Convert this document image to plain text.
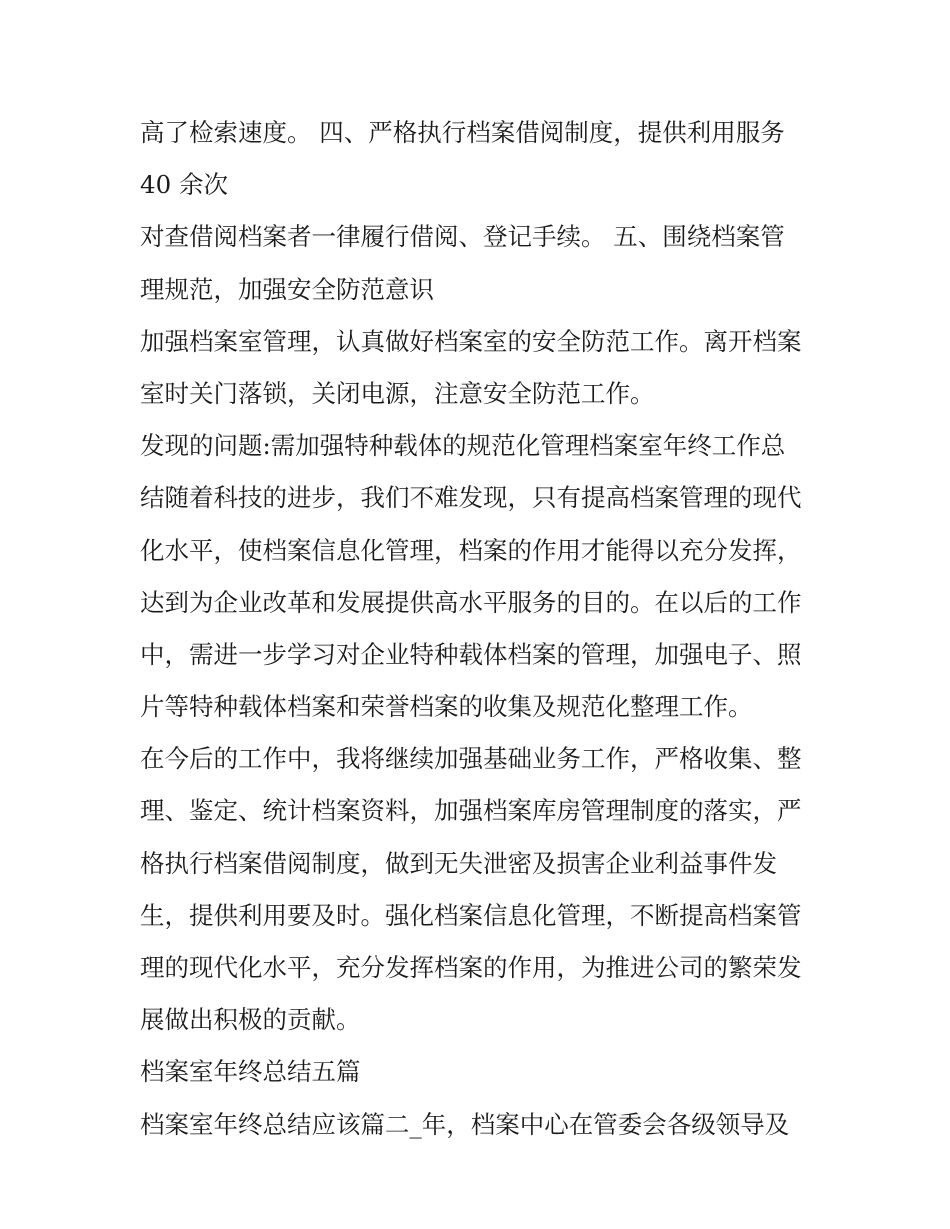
高了检索速度。 四、严格执行档案借阅制度，提供利用服务
40 余次
对查借阅档案者一律履行借阅、登记手续。 五、围绕档案管
理规范，加强安全防范意识
加强档案室管理，认真做好档案室的安全防范工作。离开档案
室时关门落锁，关闭电源，注意安全防范工作。
发现的问题:需加强特种载体的规范化管理档案室年终工作总
结随着科技的进步，我们不难发现，只有提高档案管理的现代
化水平，使档案信息化管理，档案的作用才能得以充分发挥，
达到为企业改革和发展提供高水平服务的目的。在以后的工作
中，需进一步学习对企业特种载体档案的管理，加强电子、照
片等特种载体档案和荣誉档案的收集及规范化整理工作。
在今后的工作中，我将继续加强基础业务工作，严格收集、整
理、鉴定、统计档案资料，加强档案库房管理制度的落实，严
格执行档案借阅制度，做到无失泄密及损害企业利益事件发
生，提供利用要及时。强化档案信息化管理，不断提高档案管
理的现代化水平，充分发挥档案的作用，为推进公司的繁荣发
展做出积极的贡献。
档案室年终总结五篇
档案室年终总结应该篇二_年，档案中心在管委会各级领导及
